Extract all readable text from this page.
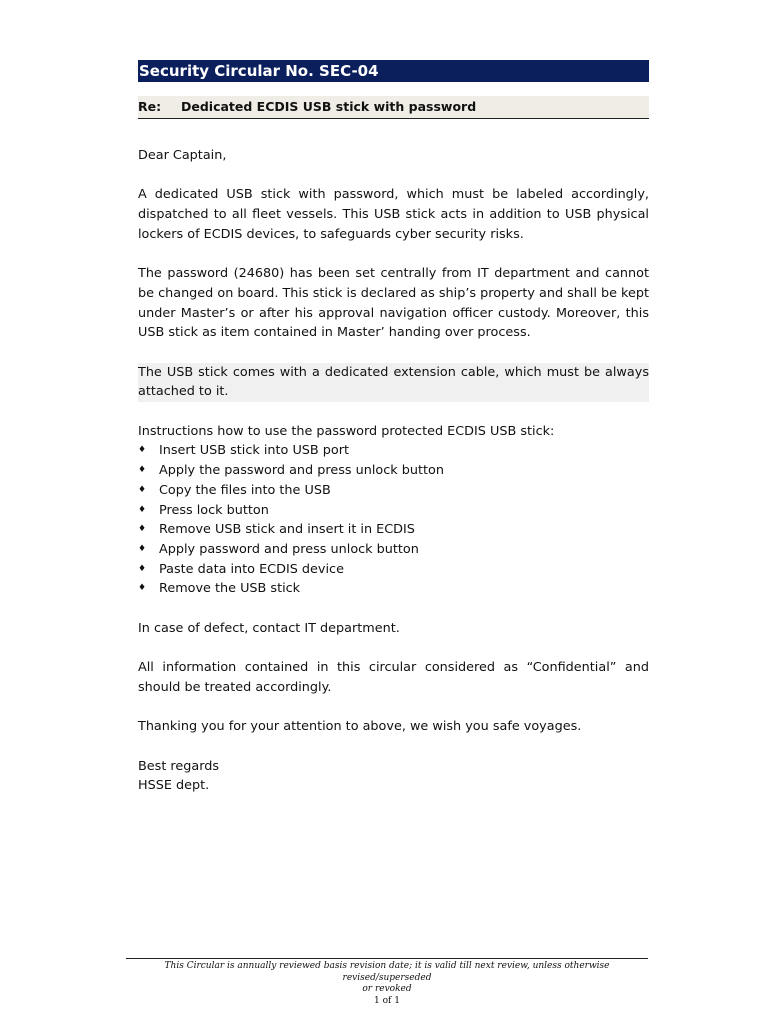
Security Circular No. SEC-04
Re: Dedicated ECDIS USB stick with password

Dear Captain,

A dedicated USB stick with password, which must be labeled accordingly, dispatched to all fleet vessels. This USB stick acts in addition to USB physical lockers of ECDIS devices, to safeguards cyber security risks.

The password (24680) has been set centrally from IT department and cannot be changed on board. This stick is declared as ship’s property and shall be kept under Master’s or after his approval navigation officer custody. Moreover, this USB stick as item contained in Master’ handing over process.

The USB stick comes with a dedicated extension cable, which must be always attached to it.

Instructions how to use the password protected ECDIS USB stick:

♦ Insert USB stick into USB port
♦ Apply the password and press unlock button
♦ Copy the files into the USB
♦ Press lock button
♦ Remove USB stick and insert it in ECDIS
♦ Apply password and press unlock button
♦ Paste data into ECDIS device
♦ Remove the USB stick

In case of defect, contact IT department.

All information contained in this circular considered as “Confidential” and should be treated accordingly.

Thanking you for your attention to above, we wish you safe voyages.

Best regards

HSSE dept.

This Circular is annually reviewed basis revision date; it is valid till next review, unless otherwise revised/superseded
or revoked
1 of 1
